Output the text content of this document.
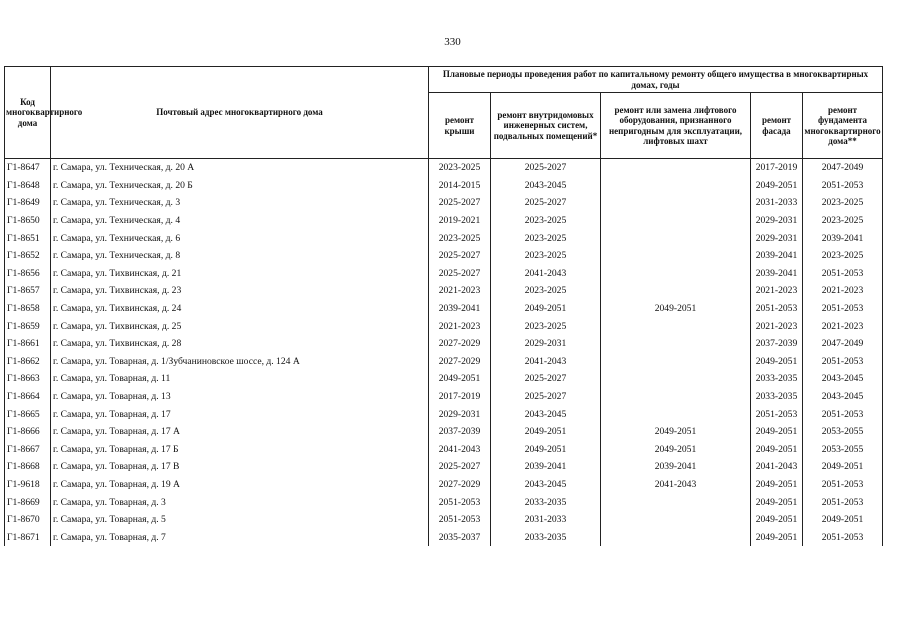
330
Код многоквартирного дома	Почтовый адрес многоквартирного дома	Плановые периоды проведения работ по капитальному ремонту общего имущества в многоквартирных домах, годы				
		ремонт крыши	ремонт внутридомовых инженерных систем, подвальных помещений*	ремонт или замена лифтового оборудования, признанного непригодным для эксплуатации, лифтовых шахт	ремонт фасада	ремонт фундамента многоквартирного дома**
Г1-8647	г. Самара, ул. Техническая, д. 20 А	2023-2025	2025-2027		2017-2019	2047-2049
Г1-8648	г. Самара, ул. Техническая, д. 20 Б	2014-2015	2043-2045		2049-2051	2051-2053
Г1-8649	г. Самара, ул. Техническая, д. 3	2025-2027	2025-2027		2031-2033	2023-2025
Г1-8650	г. Самара, ул. Техническая, д. 4	2019-2021	2023-2025		2029-2031	2023-2025
Г1-8651	г. Самара, ул. Техническая, д. 6	2023-2025	2023-2025		2029-2031	2039-2041
Г1-8652	г. Самара, ул. Техническая, д. 8	2025-2027	2023-2025		2039-2041	2023-2025
Г1-8656	г. Самара, ул. Тихвинская, д. 21	2025-2027	2041-2043		2039-2041	2051-2053
Г1-8657	г. Самара, ул. Тихвинская, д. 23	2021-2023	2023-2025		2021-2023	2021-2023
Г1-8658	г. Самара, ул. Тихвинская, д. 24	2039-2041	2049-2051	2049-2051	2051-2053	2051-2053
Г1-8659	г. Самара, ул. Тихвинская, д. 25	2021-2023	2023-2025		2021-2023	2021-2023
Г1-8661	г. Самара, ул. Тихвинская, д. 28	2027-2029	2029-2031		2037-2039	2047-2049
Г1-8662	г. Самара, ул. Товарная, д. 1/Зубчаниновское шоссе, д. 124 А	2027-2029	2041-2043		2049-2051	2051-2053
Г1-8663	г. Самара, ул. Товарная, д. 11	2049-2051	2025-2027		2033-2035	2043-2045
Г1-8664	г. Самара, ул. Товарная, д. 13	2017-2019	2025-2027		2033-2035	2043-2045
Г1-8665	г. Самара, ул. Товарная, д. 17	2029-2031	2043-2045		2051-2053	2051-2053
Г1-8666	г. Самара, ул. Товарная, д. 17 А	2037-2039	2049-2051	2049-2051	2049-2051	2053-2055
Г1-8667	г. Самара, ул. Товарная, д. 17 Б	2041-2043	2049-2051	2049-2051	2049-2051	2053-2055
Г1-8668	г. Самара, ул. Товарная, д. 17 В	2025-2027	2039-2041	2039-2041	2041-2043	2049-2051
Г1-9618	г. Самара, ул. Товарная, д. 19 А	2027-2029	2043-2045	2041-2043	2049-2051	2051-2053
Г1-8669	г. Самара, ул. Товарная, д. 3	2051-2053	2033-2035		2049-2051	2051-2053
Г1-8670	г. Самара, ул. Товарная, д. 5	2051-2053	2031-2033		2049-2051	2049-2051
Г1-8671	г. Самара, ул. Товарная, д. 7	2035-2037	2033-2035		2049-2051	2051-2053
